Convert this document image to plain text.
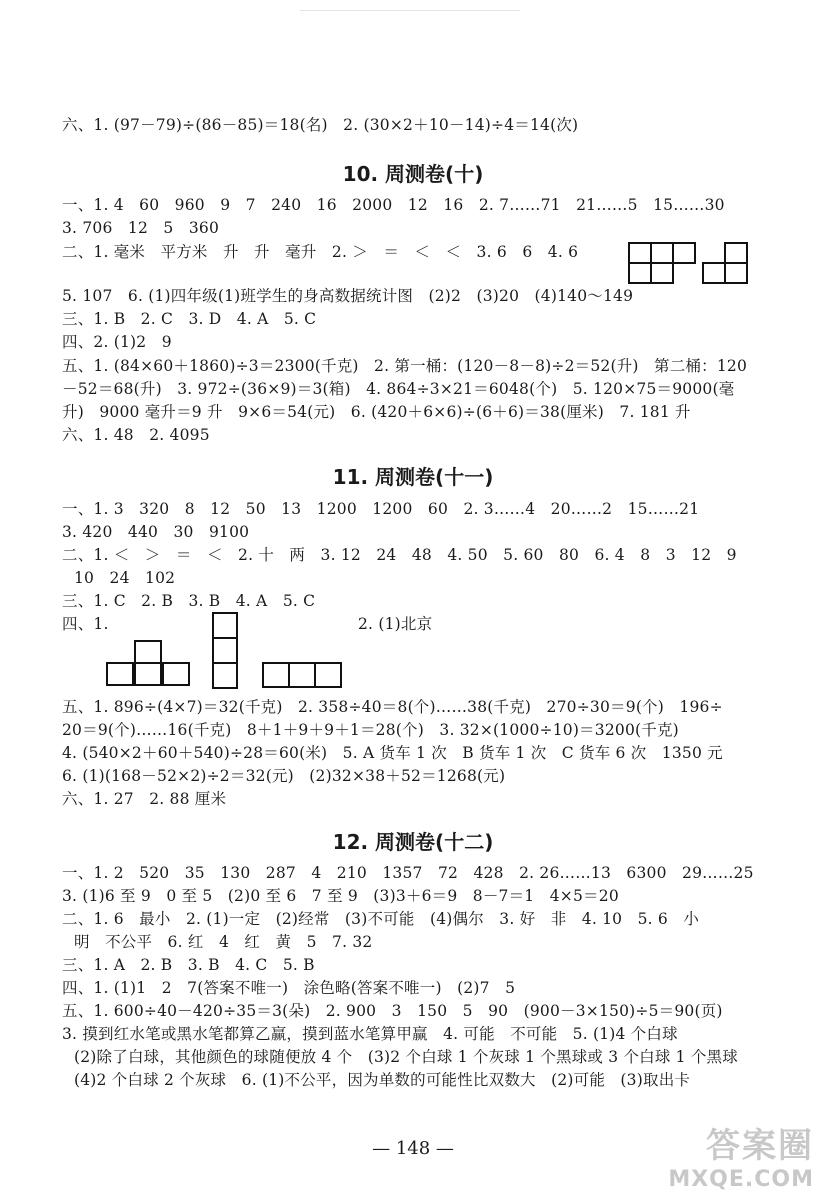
六、1. (97－79)÷(86－85)＝18(名)   2. (30×2＋10－14)÷4＝14(次)
10. 周测卷(十)
一、1. 4   60   960   9   7   240   16   2000   12   16   2. 7……71   21……5   15……30
3. 706   12   5   360
二、1. 毫米   平方米   升   升   毫升   2. ＞   ＝   ＜   ＜   3. 6   6   4. 6
5. 107   6. (1)四年级(1)班学生的身高数据统计图   (2)2   (3)20   (4)140～149
三、1. B   2. C   3. D   4. A   5. C
四、2. (1)2   9
五、1. (84×60＋1860)÷3＝2300(千克)   2. 第一桶：(120－8－8)÷2＝52(升)   第二桶：120
－52＝68(升)   3. 972÷(36×9)＝3(箱)   4. 864÷3×21＝6048(个)   5. 120×75＝9000(毫
升)   9000 毫升＝9 升   9×6＝54(元)   6. (420＋6×6)÷(6＋6)＝38(厘米)   7. 181 升
六、1. 48   2. 4095
11. 周测卷(十一)
一、1. 3   320   8   12   50   13   1200   1200   60   2. 3……4   20……2   15……21
3. 420   440   30   9100
二、1. ＜   ＞   ＝   ＜   2. 十   两   3. 12   24   48   4. 50   5. 60   80   6. 4   8   3   12   9
10   24   102
三、1. C   2. B   3. B   4. A   5. C
四、1.	2. (1)北京
五、1. 896÷(4×7)＝32(千克)   2. 358÷40＝8(个)……38(千克)   270÷30＝9(个)   196÷
20＝9(个)……16(千克)   8＋1＋9＋9＋1＝28(个)   3. 32×(1000÷10)＝3200(千克)
4. (540×2＋60＋540)÷28＝60(米)   5. A 货车 1 次   B 货车 1 次   C 货车 6 次   1350 元
6. (1)(168－52×2)÷2＝32(元)   (2)32×38＋52＝1268(元)
六、1. 27   2. 88 厘米
12. 周测卷(十二)
一、1. 2   520   35   130   287   4   210   1357   72   428   2. 26……13   6300   29……25
3. (1)6 至 9   0 至 5   (2)0 至 6   7 至 9   (3)3＋6＝9   8－7＝1   4×5＝20
二、1. 6   最小   2. (1)一定   (2)经常   (3)不可能   (4)偶尔   3. 好   非   4. 10   5. 6   小
明   不公平   6. 红   4   红   黄   5   7. 32
三、1. A   2. B   3. B   4. C   5. B
四、1. (1)1   2   7(答案不唯一)   涂色略(答案不唯一)   (2)7   5
五、1. 600÷40－420÷35＝3(朵)   2. 900   3   150   5   90   (900－3×150)÷5＝90(页)
3. 摸到红水笔或黑水笔都算乙赢，摸到蓝水笔算甲赢   4. 可能   不可能   5. (1)4 个白球
(2)除了白球，其他颜色的球随便放 4 个   (3)2 个白球 1 个灰球 1 个黑球或 3 个白球 1 个黑球
(4)2 个白球 2 个灰球   6. (1)不公平，因为单数的可能性比双数大   (2)可能   (3)取出卡
— 148 —	答案圈
MXQE.COM
